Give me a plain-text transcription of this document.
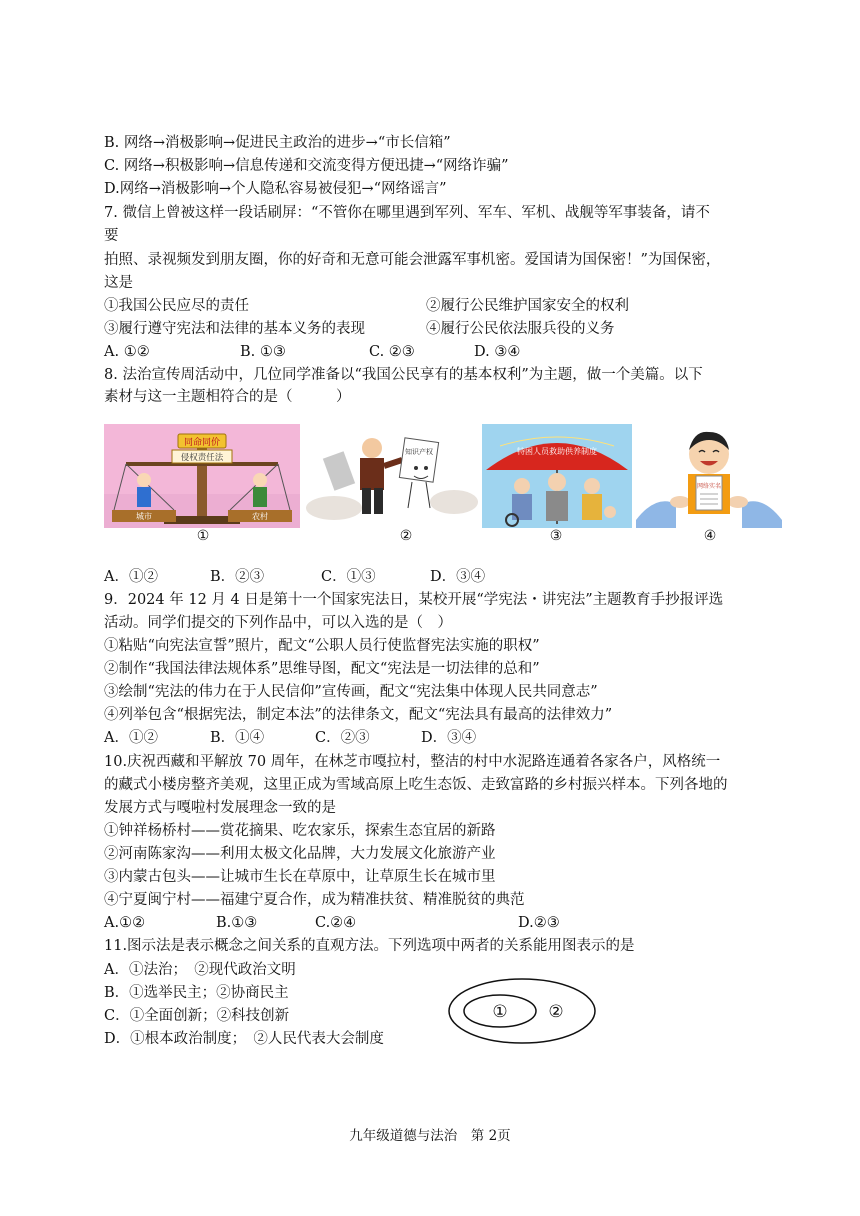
B. 网络→消极影响→促进民主政治的进步→“市长信箱”
C. 网络→积极影响→信息传递和交流变得方便迅捷→“网络诈骗”
D.网络→消极影响→个人隐私容易被侵犯→“网络谣言”
7. 微信上曾被这样一段话刷屏：“不管你在哪里遇到军列、军车、军机、战舰等军事装备，请不
要
拍照、录视频发到朋友圈，你的好奇和无意可能会泄露军事机密。爱国请为国保密！”为国保密，
这是
①我国公民应尽的责任	②履行公民维护国家安全的权利
③履行遵守宪法和法律的基本义务的表现	④履行公民依法服兵役的义务
A. ①②	B. ①③	C. ②③	D. ③④
8. 法治宣传周活动中，几位同学准备以“我国公民享有的基本权利”为主题，做一个美篇。以下
素材与这一主题相符合的是（　　　）
同命同价
侵权责任法
城市	农村
①
知识产权
②
特困人员救助供养制度
③
网络实名
④
A．①②	B．②③	C．①③	D．③④
9．2024 年 12 月 4 日是第十一个国家宪法日，某校开展“学宪法・讲宪法”主题教育手抄报评选
活动。同学们提交的下列作品中，可以入选的是（　）
①粘贴“向宪法宣誓”照片，配文“公职人员行使监督宪法实施的职权”
②制作“我国法律法规体系”思维导图，配文“宪法是一切法律的总和”
③绘制“宪法的伟力在于人民信仰”宣传画，配文“宪法集中体现人民共同意志”
④列举包含“根据宪法，制定本法”的法律条文，配文“宪法具有最高的法律效力”
A．①②	B．①④	C．②③	D．③④
10.庆祝西藏和平解放 70 周年，在林芝市嘎拉村，整洁的村中水泥路连通着各家各户，风格统一
的藏式小楼房整齐美观，这里正成为雪域高原上吃生态饭、走致富路的乡村振兴样本。下列各地的
发展方式与嘎啦村发展理念一致的是
①钟祥杨桥村——赏花摘果、吃农家乐，探索生态宜居的新路
②河南陈家沟——利用太极文化品牌，大力发展文化旅游产业
③内蒙古包头——让城市生长在草原中，让草原生长在城市里
④宁夏闽宁村——福建宁夏合作，成为精准扶贫、精准脱贫的典范
A.①②	B.①③	C.②④	D.②③
11.图示法是表示概念之间关系的直观方法。下列选项中两者的关系能用图表示的是
A．①法治；　②现代政治文明
B．①选举民主；②协商民主
C．①全面创新；②科技创新
D．①根本政治制度；　②人民代表大会制度
① ②
九年级道德与法治　第 2页
